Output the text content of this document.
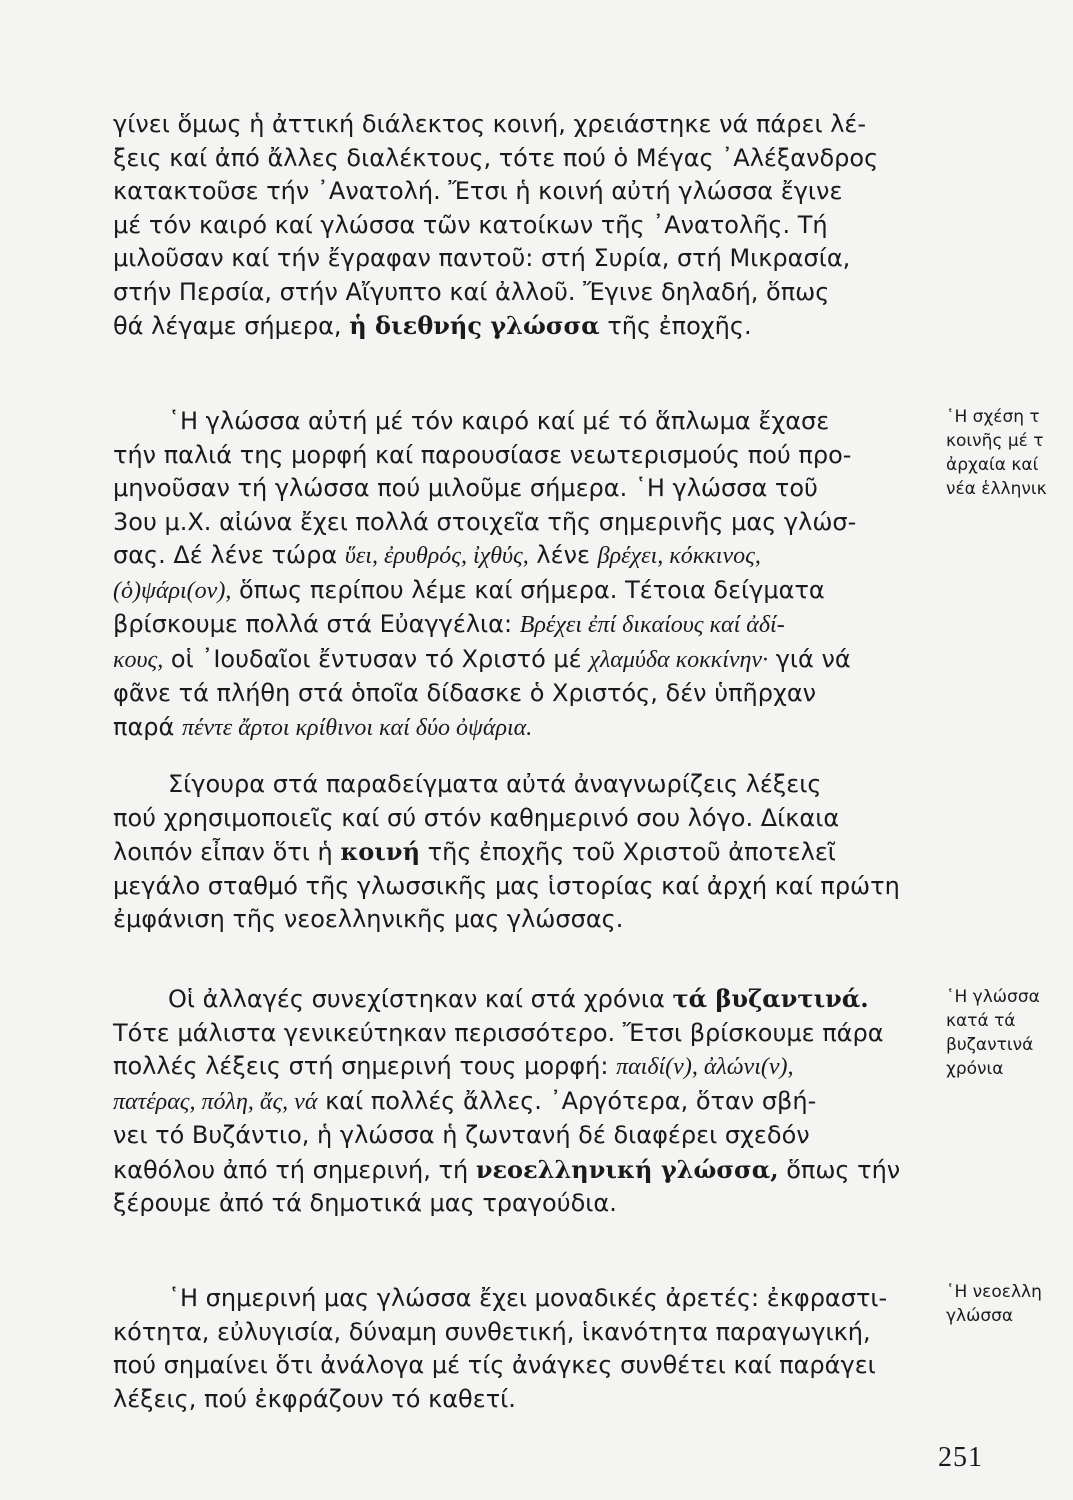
γίνει ὅμως ἡ ἀττική διάλεκτος κοινή, χρειάστηκε νά πάρει λέ-
ξεις καί ἀπό ἄλλες διαλέκτους, τότε πού ὁ Μέγας ᾿Αλέξανδρος
κατακτοῦσε τήν ᾿Ανατολή. Ἔτσι ἡ κοινή αὐτή γλώσσα ἔγινε
μέ τόν καιρό καί γλώσσα τῶν κατοίκων τῆς ᾿Ανατολῆς. Τή
μιλοῦσαν καί τήν ἔγραφαν παντοῦ: στή Συρία, στή Μικρασία,
στήν Περσία, στήν Αἴγυπτο καί ἀλλοῦ. Ἔγινε δηλαδή, ὅπως
θά λέγαμε σήμερα, ἡ διεθνής γλώσσα τῆς ἐποχῆς.
῾Η γλώσσα αὐτή μέ τόν καιρό καί μέ τό ἅπλωμα ἔχασε
τήν παλιά της μορφή καί παρουσίασε νεωτερισμούς πού προ-
μηνοῦσαν τή γλώσσα πού μιλοῦμε σήμερα. ῾Η γλώσσα τοῦ
3ου μ.Χ. αἰώνα ἔχει πολλά στοιχεῖα τῆς σημερινῆς μας γλώσ-
σας. Δέ λένε τώρα ὕει, ἐρυθρός, ἰχθύς, λένε βρέχει, κόκκινος,
(ὁ)ψάρι(ον), ὅπως περίπου λέμε καί σήμερα. Τέτοια δείγματα
βρίσκουμε πολλά στά Εὐαγγέλια: Βρέχει ἐπί δικαίους καί ἀδί-
κους, οἱ ᾿Ιουδαῖοι ἔντυσαν τό Χριστό μέ χλαμύδα κοκκίνην· γιά νά
φᾶνε τά πλήθη στά ὁποῖα δίδασκε ὁ Χριστός, δέν ὑπῆρχαν
παρά πέντε ἄρτοι κρίθινοι καί δύο ὀψάρια.
Σίγουρα στά παραδείγματα αὐτά ἀναγνωρίζεις λέξεις
πού χρησιμοποιεῖς καί σύ στόν καθημερινό σου λόγο. Δίκαια
λοιπόν εἶπαν ὅτι ἡ κοινή τῆς ἐποχῆς τοῦ Χριστοῦ ἀποτελεῖ
μεγάλο σταθμό τῆς γλωσσικῆς μας ἱστορίας καί ἀρχή καί πρώτη
ἐμφάνιση τῆς νεοελληνικῆς μας γλώσσας.
Οἱ ἀλλαγές συνεχίστηκαν καί στά χρόνια τά βυζαντινά.
Τότε μάλιστα γενικεύτηκαν περισσότερο. Ἔτσι βρίσκουμε πάρα
πολλές λέξεις στή σημερινή τους μορφή: παιδί(ν), ἀλώνι(ν),
πατέρας, πόλη, ἄς, νά καί πολλές ἄλλες. ᾿Αργότερα, ὅταν σβή-
νει τό Βυζάντιο, ἡ γλώσσα ἡ ζωντανή δέ διαφέρει σχεδόν
καθόλου ἀπό τή σημερινή, τή νεοελληνική γλώσσα, ὅπως τήν
ξέρουμε ἀπό τά δημοτικά μας τραγούδια.
῾Η σημερινή μας γλώσσα ἔχει μοναδικές ἀρετές: ἐκφραστι-
κότητα, εὐλυγισία, δύναμη συνθετική, ἱκανότητα παραγωγική,
πού σημαίνει ὅτι ἀνάλογα μέ τίς ἀνάγκες συνθέτει καί παράγει
λέξεις, πού ἐκφράζουν τό καθετί.
῾Η σχέση τ
κοινῆς μέ τ
ἀρχαία καί
νέα ἑλληνικ
῾Η γλώσσα
κατά τά
βυζαντινά
χρόνια
῾Η νεοελλη
γλώσσα
251
